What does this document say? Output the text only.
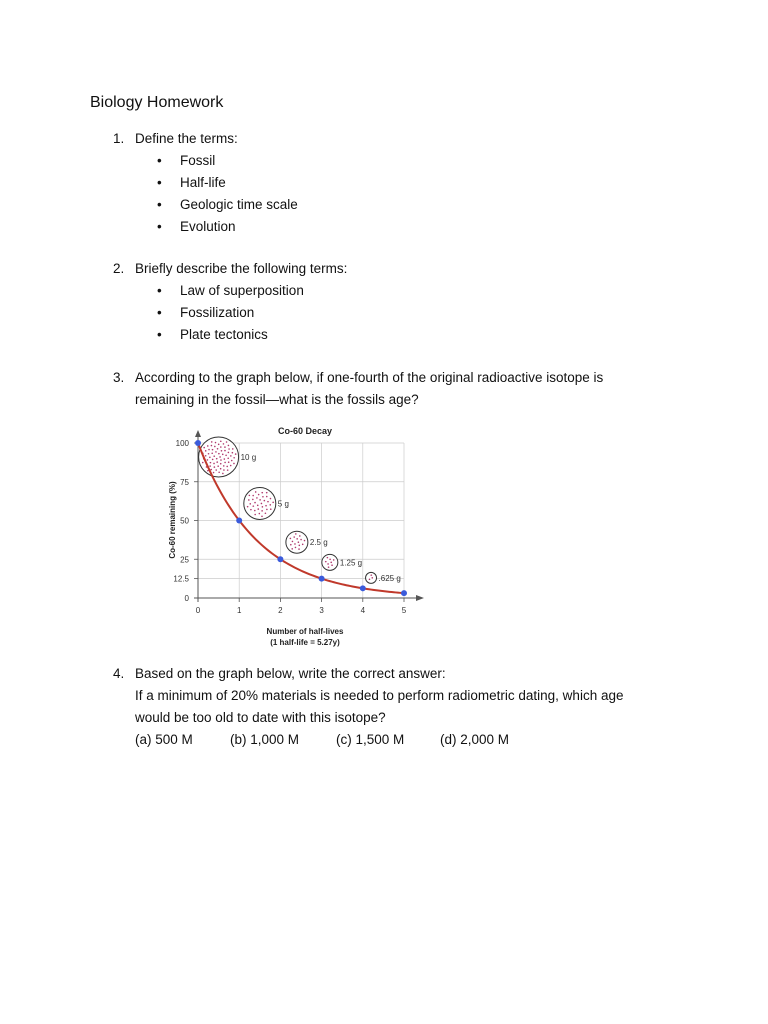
Biology Homework
1. Define the terms:
• Fossil
• Half-life
• Geologic time scale
• Evolution
2. Briefly describe the following terms:
• Law of superposition
• Fossilization
• Plate tectonics
3. According to the graph below, if one-fourth of the original radioactive isotope is
remaining in the fossil—what is the fossils age?
Co-60 Decay
10 g
5 g
2.5 g
1.25 g
.625 g
100
75
50
25
12.5
0
0	1	2	3	4	5
Co-60 remaining (%)
Number of half-lives
(1 half-life = 5.27y)
4. Based on the graph below, write the correct answer:
If a minimum of 20% materials is needed to perform radiometric dating, which age
would be too old to date with this isotope?
(a) 500 M	(b) 1,000 M	(c) 1,500 M	(d) 2,000 M
